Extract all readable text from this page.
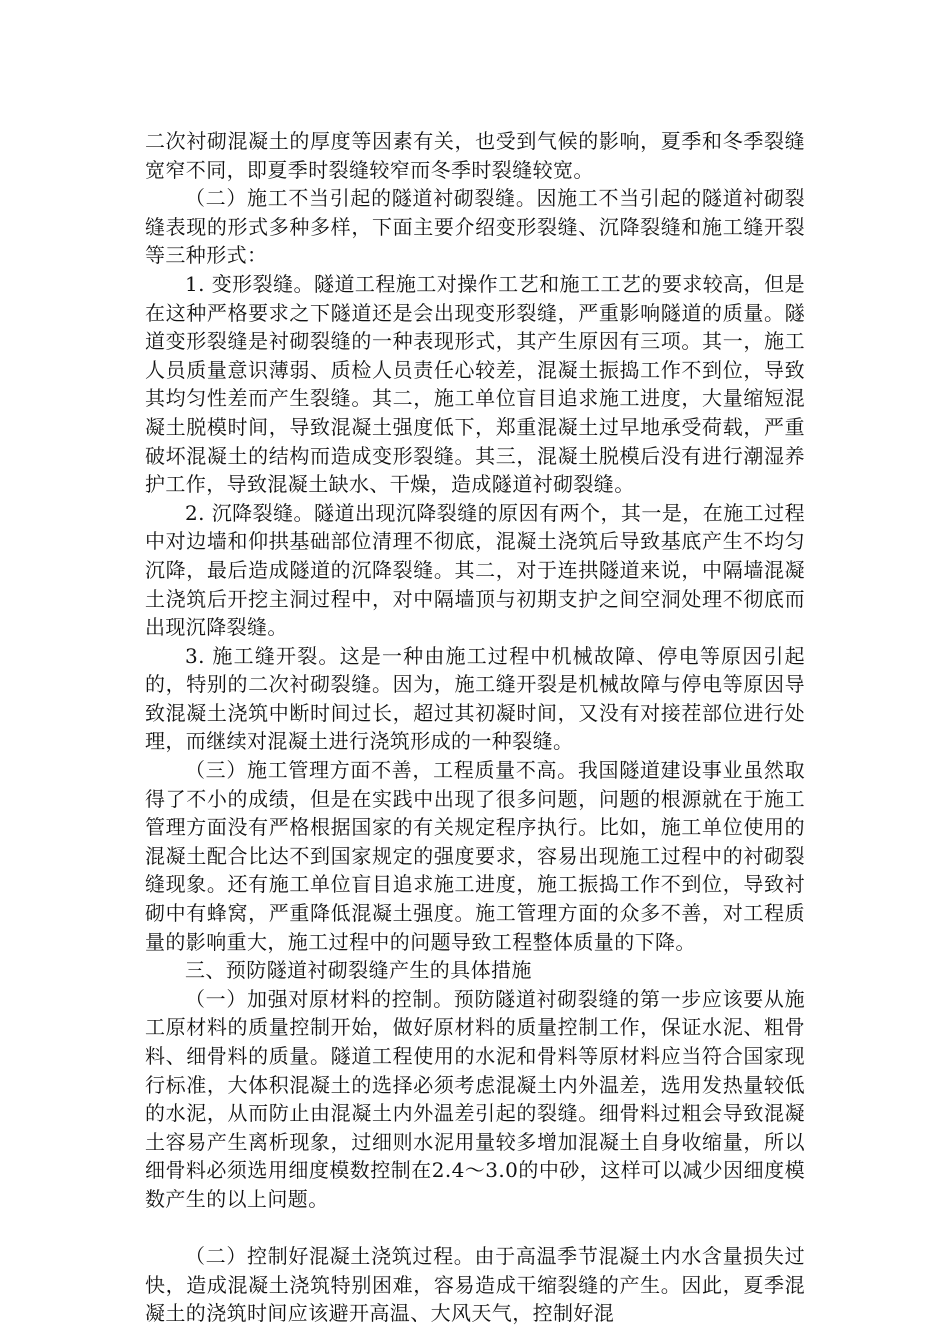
二次衬砌混凝土的厚度等因素有关，也受到气候的影响，夏季和冬季裂缝宽窄不同，即夏季时裂缝较窄而冬季时裂缝较宽。

（二）施工不当引起的隧道衬砌裂缝。因施工不当引起的隧道衬砌裂缝表现的形式多种多样，下面主要介绍变形裂缝、沉降裂缝和施工缝开裂等三种形式：

1. 变形裂缝。隧道工程施工对操作工艺和施工工艺的要求较高，但是在这种严格要求之下隧道还是会出现变形裂缝，严重影响隧道的质量。隧道变形裂缝是衬砌裂缝的一种表现形式，其产生原因有三项。其一，施工人员质量意识薄弱、质检人员责任心较差，混凝土振捣工作不到位，导致其均匀性差而产生裂缝。其二，施工单位盲目追求施工进度，大量缩短混凝土脱模时间，导致混凝土强度低下，郑重混凝土过早地承受荷载，严重破坏混凝土的结构而造成变形裂缝。其三，混凝土脱模后没有进行潮湿养护工作，导致混凝土缺水、干燥，造成隧道衬砌裂缝。

2. 沉降裂缝。隧道出现沉降裂缝的原因有两个，其一是，在施工过程中对边墙和仰拱基础部位清理不彻底，混凝土浇筑后导致基底产生不均匀沉降，最后造成隧道的沉降裂缝。其二，对于连拱隧道来说，中隔墙混凝土浇筑后开挖主洞过程中，对中隔墙顶与初期支护之间空洞处理不彻底而出现沉降裂缝。

3. 施工缝开裂。这是一种由施工过程中机械故障、停电等原因引起的，特别的二次衬砌裂缝。因为，施工缝开裂是机械故障与停电等原因导致混凝土浇筑中断时间过长，超过其初凝时间，又没有对接茬部位进行处理，而继续对混凝土进行浇筑形成的一种裂缝。

（三）施工管理方面不善，工程质量不高。我国隧道建设事业虽然取得了不小的成绩，但是在实践中出现了很多问题，问题的根源就在于施工管理方面没有严格根据国家的有关规定程序执行。比如，施工单位使用的混凝土配合比达不到国家规定的强度要求，容易出现施工过程中的衬砌裂缝现象。还有施工单位盲目追求施工进度，施工振捣工作不到位，导致衬砌中有蜂窝，严重降低混凝土强度。施工管理方面的众多不善，对工程质量的影响重大，施工过程中的问题导致工程整体质量的下降。

三、预防隧道衬砌裂缝产生的具体措施

（一）加强对原材料的控制。预防隧道衬砌裂缝的第一步应该要从施工原材料的质量控制开始，做好原材料的质量控制工作，保证水泥、粗骨料、细骨料的质量。隧道工程使用的水泥和骨料等原材料应当符合国家现行标准，大体积混凝土的选择必须考虑混凝土内外温差，选用发热量较低的水泥，从而防止由混凝土内外温差引起的裂缝。细骨料过粗会导致混凝土容易产生离析现象，过细则水泥用量较多增加混凝土自身收缩量，所以细骨料必须选用细度模数控制在2.4～3.0的中砂，这样可以减少因细度模数产生的以上问题。

（二）控制好混凝土浇筑过程。由于高温季节混凝土内水含量损失过快，造成混凝土浇筑特别困难，容易造成干缩裂缝的产生。因此，夏季混凝土的浇筑时间应该避开高温、大风天气，控制好混
